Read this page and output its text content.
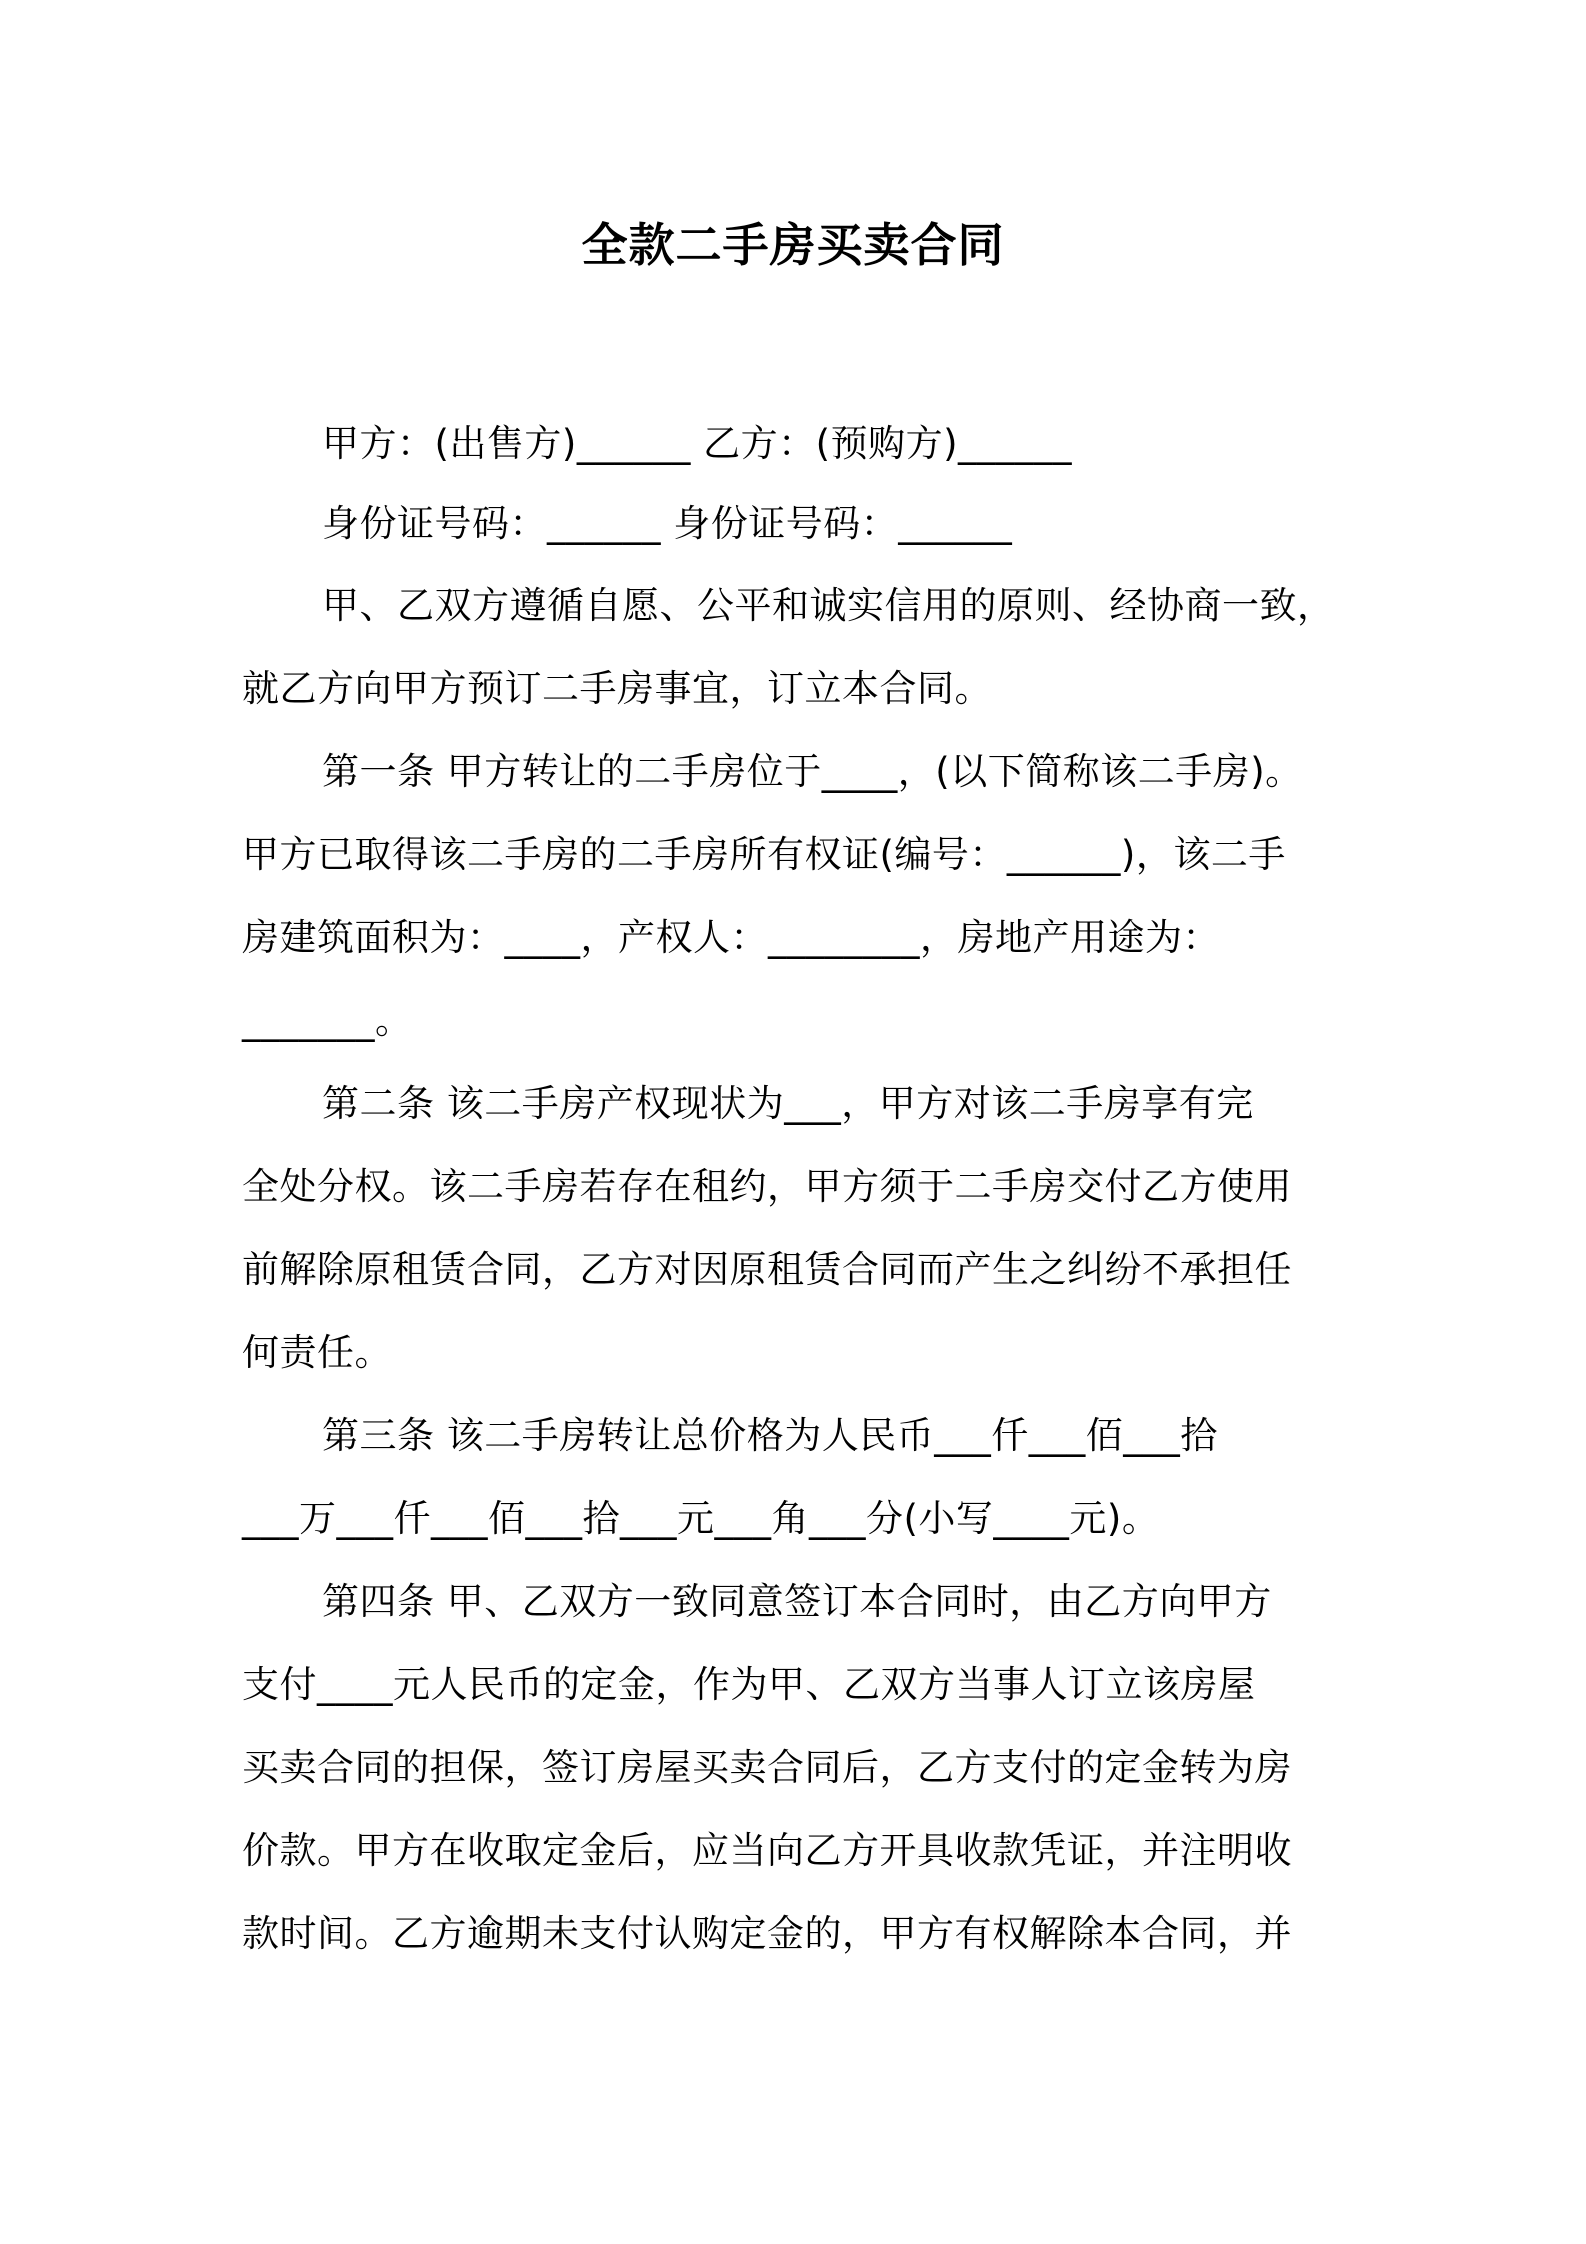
全款二手房买卖合同
甲方：(出售方)______ 乙方：(预购方)______
身份证号码：______ 身份证号码：______
甲、乙双方遵循自愿、公平和诚实信用的原则、经协商一致，
就乙方向甲方预订二手房事宜，订立本合同。
第一条 甲方转让的二手房位于____，(以下简称该二手房)。
甲方已取得该二手房的二手房所有权证(编号：______)，该二手
房建筑面积为：____，产权人：________，房地产用途为：
_______。
第二条 该二手房产权现状为___，甲方对该二手房享有完
全处分权。该二手房若存在租约，甲方须于二手房交付乙方使用
前解除原租赁合同，乙方对因原租赁合同而产生之纠纷不承担任
何责任。
第三条 该二手房转让总价格为人民币___仟___佰___拾
___万___仟___佰___拾___元___角___分(小写____元)。
第四条 甲、乙双方一致同意签订本合同时，由乙方向甲方
支付____元人民币的定金，作为甲、乙双方当事人订立该房屋
买卖合同的担保，签订房屋买卖合同后，乙方支付的定金转为房
价款。甲方在收取定金后，应当向乙方开具收款凭证，并注明收
款时间。乙方逾期未支付认购定金的，甲方有权解除本合同，并
